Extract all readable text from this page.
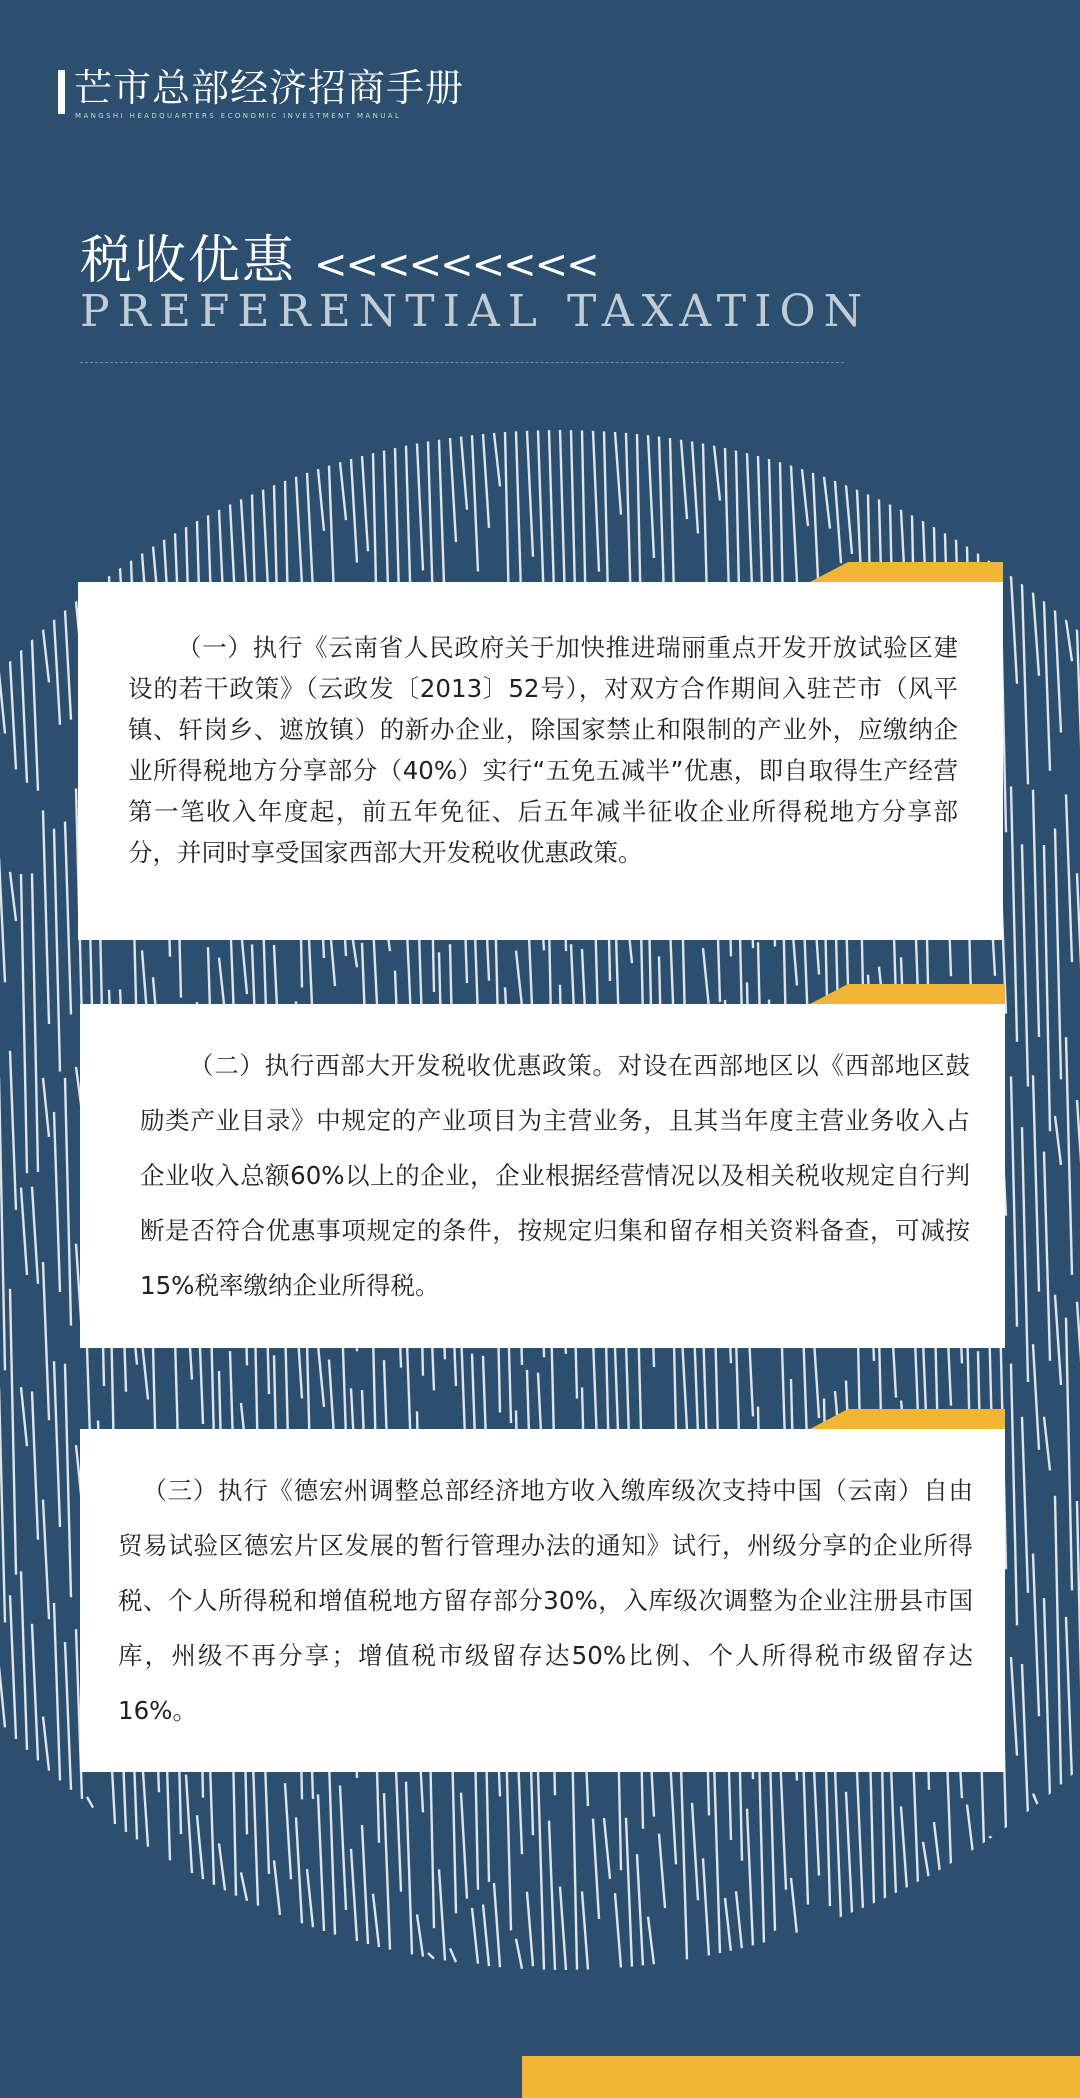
芒市总部经济招商手册
MANGSHI HEADQUARTERS ECONOMIC INVESTMENT MANUAL
税收优惠 <<<<<<<<<
PREFERENTIAL TAXATION

（一）执行《云南省人民政府关于加快推进瑞丽重点开发开放试验区建设的若干政策》（云政发〔2013〕52号），对双方合作期间入驻芒市（风平镇、轩岗乡、遮放镇）的新办企业，除国家禁止和限制的产业外，应缴纳企业所得税地方分享部分（40%）实行“五免五减半”优惠，即自取得生产经营第一笔收入年度起，前五年免征、后五年减半征收企业所得税地方分享部分，并同时享受国家西部大开发税收优惠政策。

（二）执行西部大开发税收优惠政策。对设在西部地区以《西部地区鼓励类产业目录》中规定的产业项目为主营业务，且其当年度主营业务收入占企业收入总额60%以上的企业，企业根据经营情况以及相关税收规定自行判断是否符合优惠事项规定的条件，按规定归集和留存相关资料备查，可减按15%税率缴纳企业所得税。

（三）执行《德宏州调整总部经济地方收入缴库级次支持中国（云南）自由贸易试验区德宏片区发展的暂行管理办法的通知》试行，州级分享的企业所得税、个人所得税和增值税地方留存部分30%，入库级次调整为企业注册县市国库，州级不再分享；增值税市级留存达50%比例、个人所得税市级留存达16%。
